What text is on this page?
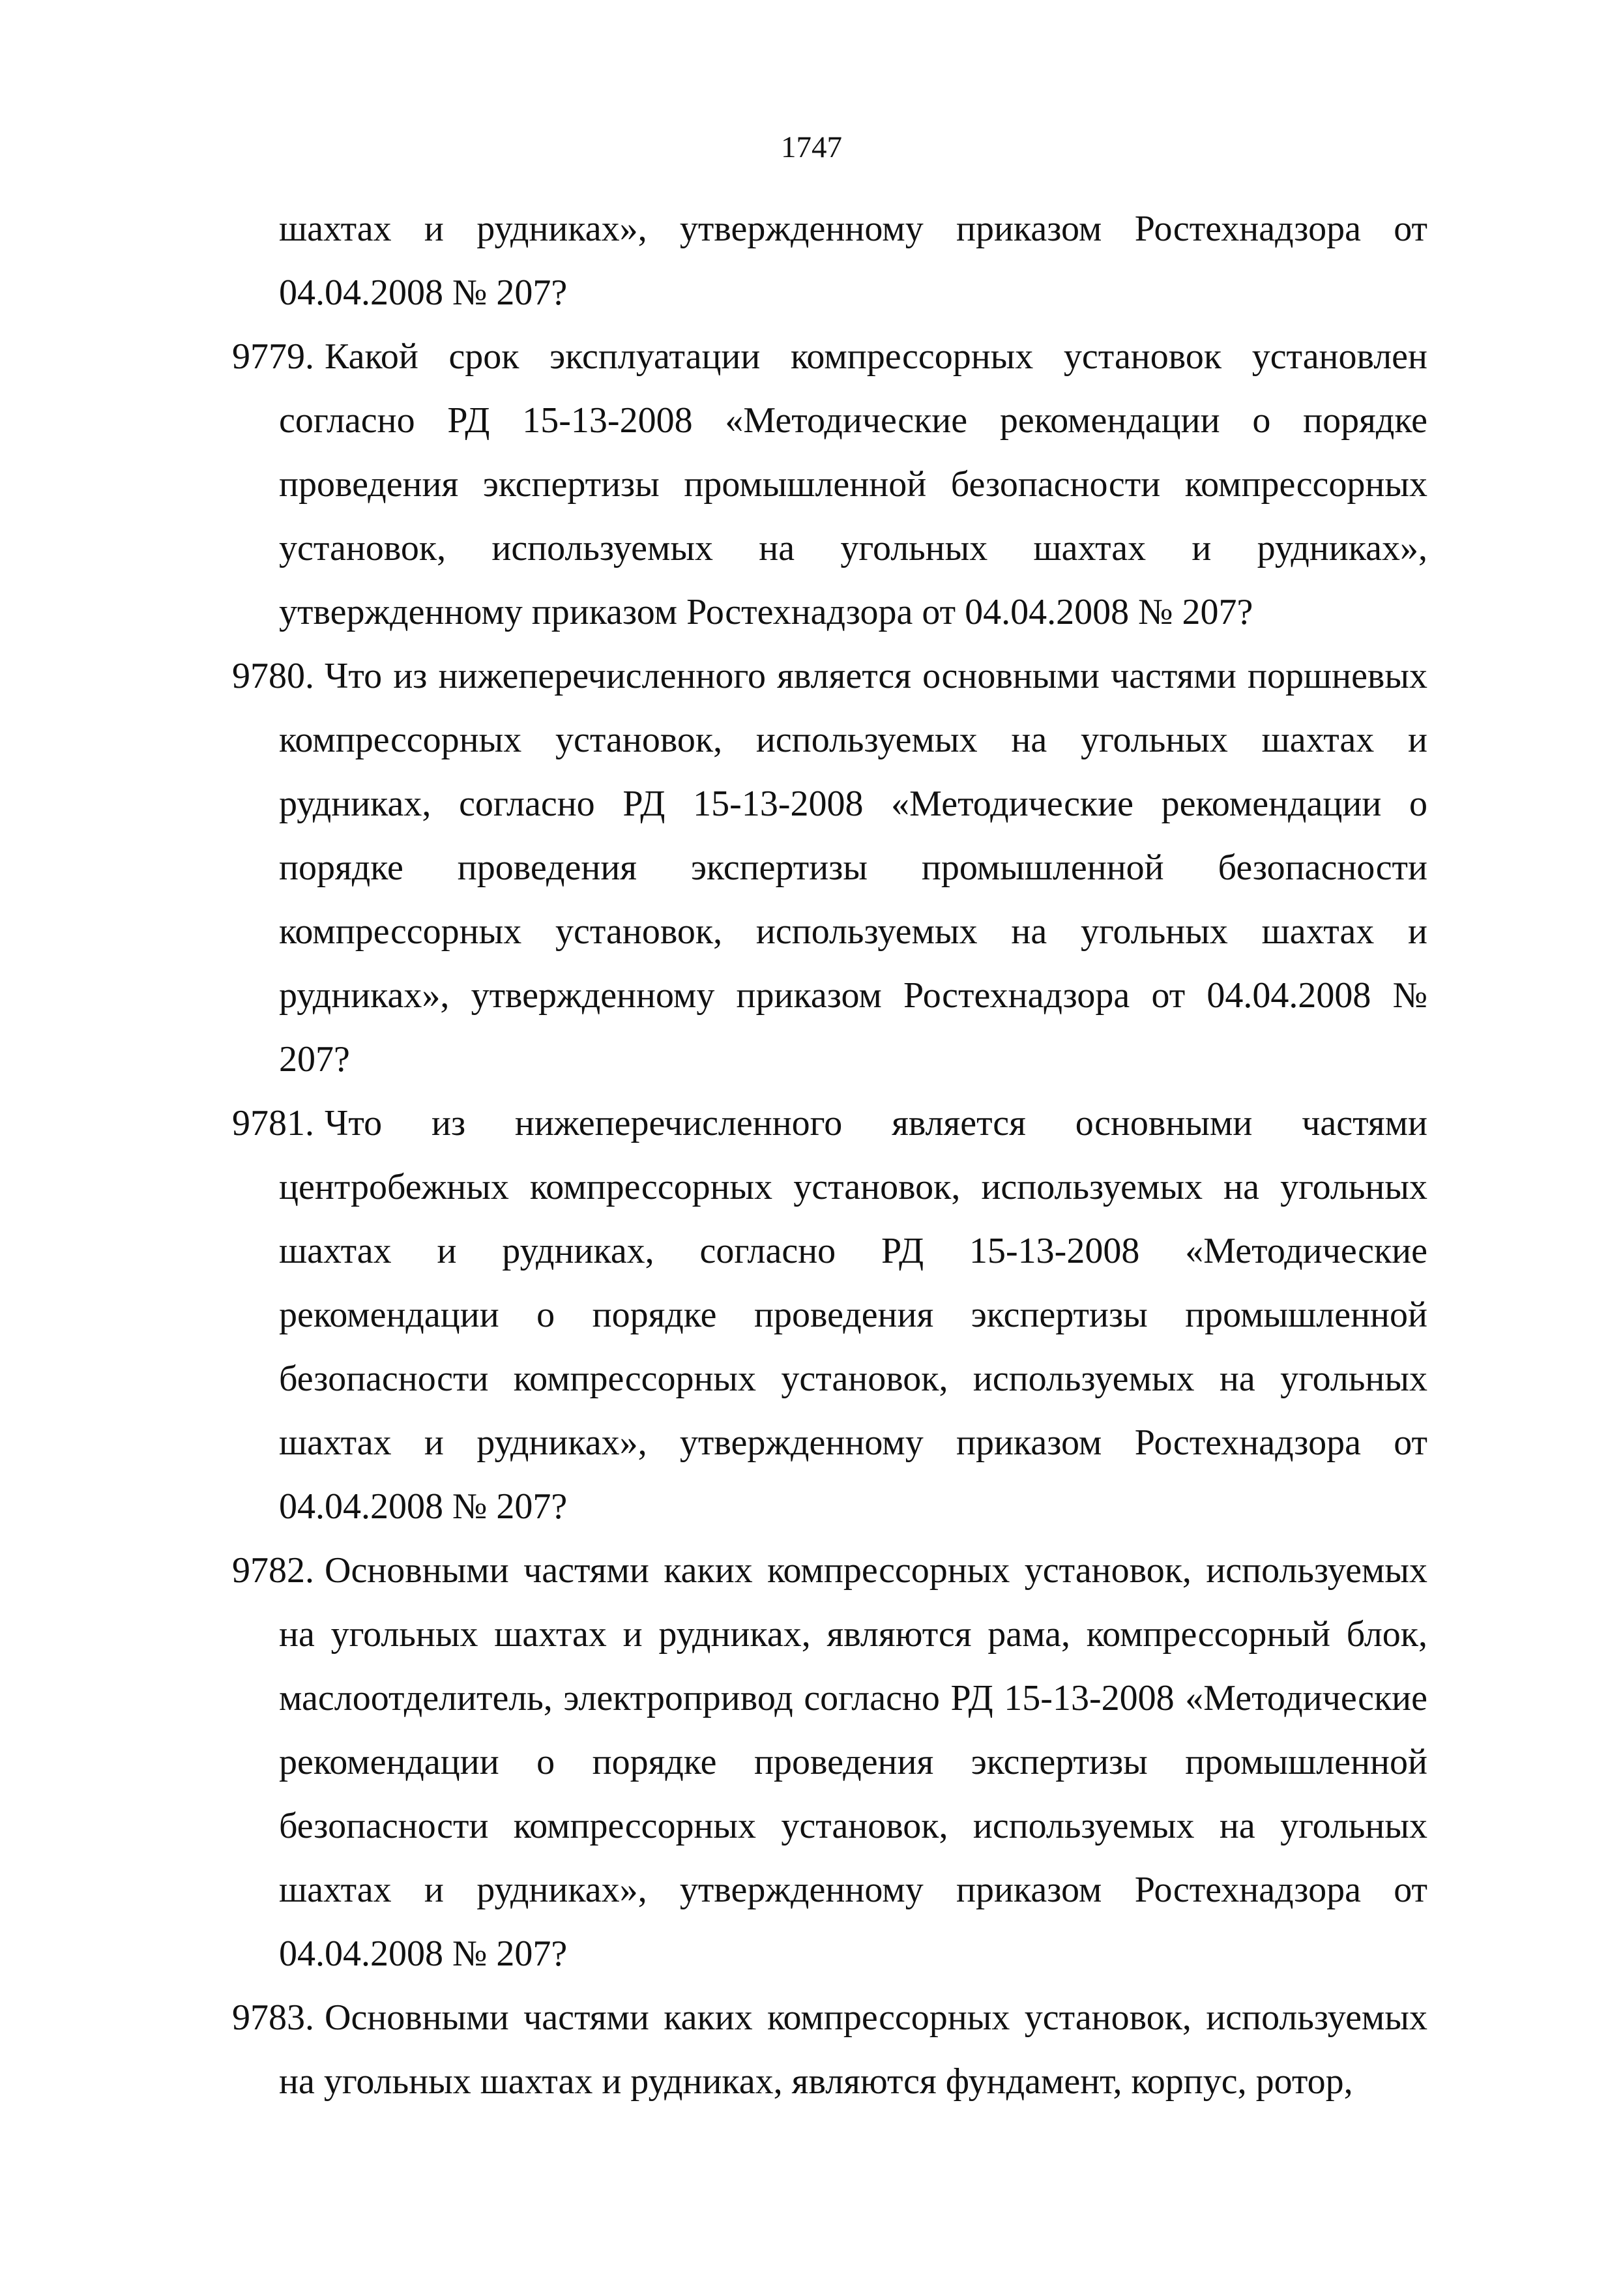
1747

шахтах и рудниках», утвержденному приказом Ростехнадзора от 04.04.2008 № 207?

9779. Какой срок эксплуатации компрессорных установок установлен согласно РД 15-13-2008 «Методические рекомендации о порядке проведения экспертизы промышленной безопасности компрессорных установок, используемых на угольных шахтах и рудниках», утвержденному приказом Ростехнадзора от 04.04.2008 № 207?

9780. Что из нижеперечисленного является основными частями поршневых компрессорных установок, используемых на угольных шахтах и рудниках, согласно РД 15-13-2008 «Методические рекомендации о порядке проведения экспертизы промышленной безопасности компрессорных установок, используемых на угольных шахтах и рудниках», утвержденному приказом Ростехнадзора от 04.04.2008 № 207?

9781. Что из нижеперечисленного является основными частями центробежных компрессорных установок, используемых на угольных шахтах и рудниках, согласно РД 15-13-2008 «Методические рекомендации о порядке проведения экспертизы промышленной безопасности компрессорных установок, используемых на угольных шахтах и рудниках», утвержденному приказом Ростехнадзора от 04.04.2008 № 207?

9782. Основными частями каких компрессорных установок, используемых на угольных шахтах и рудниках, являются рама, компрессорный блок, маслоотделитель, электропривод согласно РД 15-13-2008 «Методические рекомендации о порядке проведения экспертизы промышленной безопасности компрессорных установок, используемых на угольных шахтах и рудниках», утвержденному приказом Ростехнадзора от 04.04.2008 № 207?

9783. Основными частями каких компрессорных установок, используемых на угольных шахтах и рудниках, являются фундамент, корпус, ротор,
